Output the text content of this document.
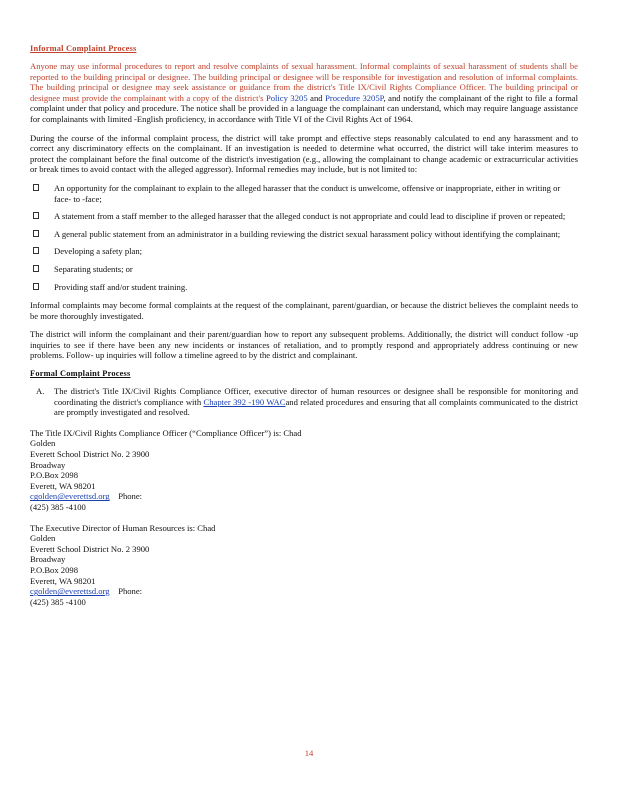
Informal Complaint Process

Anyone may use informal procedures to report and resolve complaints of sexual harassment. Informal complaints of sexual harassment of students shall be reported to the building principal or designee. The building principal or designee will be responsible for investigation and resolution of informal complaints. The building principal or designee may seek assistance or guidance from the district's Title IX/Civil Rights Compliance Officer. The building principal or designee must provide the complainant with a copy of the district's Policy 3205 and Procedure 3205P, and notify the complainant of the right to file a formal complaint under that policy and procedure. The notice shall be provided in a language the complainant can understand, which may require language assistance for complainants with limited -English proficiency, in accordance with Title VI of the Civil Rights Act of 1964.

During the course of the informal complaint process, the district will take prompt and effective steps reasonably calculated to end any harassment and to correct any discriminatory effects on the complainant. If an investigation is needed to determine what occurred, the district will take interim measures to protect the complainant before the final outcome of the district's investigation (e.g., allowing the complainant to change academic or extracurricular activities or break times to avoid contact with the alleged aggressor). Informal remedies may include, but is not limited to:

An opportunity for the complainant to explain to the alleged harasser that the conduct is unwelcome, offensive or inappropriate, either in writing or face- to -face;
A statement from a staff member to the alleged harasser that the alleged conduct is not appropriate and could lead to discipline if proven or repeated;
A general public statement from an administrator in a building reviewing the district sexual harassment policy without identifying the complainant;
Developing a safety plan;
Separating students; or
Providing staff and/or student training.

Informal complaints may become formal complaints at the request of the complainant, parent/guardian, or because the district believes the complaint needs to be more thoroughly investigated.

The district will inform the complainant and their parent/guardian how to report any subsequent problems. Additionally, the district will conduct follow -up inquiries to see if there have been any new incidents or instances of retaliation, and to promptly respond and appropriately address continuing or new problems. Follow- up inquiries will follow a timeline agreed to by the district and complainant.

Formal Complaint Process
A. The district's Title IX/Civil Rights Compliance Officer, executive director of human resources or designee shall be responsible for monitoring and coordinating the district's compliance with Chapter 392 -190 WACand related procedures and ensuring that all complaints communicated to the district are promptly investigated and resolved.
The Title IX/Civil Rights Compliance Officer (“Compliance Officer”) is: Chad
Golden
Everett School District No. 2 3900
Broadway
P.O.Box 2098
Everett, WA 98201
cgolden@everettsd.org Phone:
(425) 385 -4100
The Executive Director of Human Resources is: Chad
Golden
Everett School District No. 2 3900
Broadway
P.O.Box 2098
Everett, WA 98201
cgolden@everettsd.org Phone:
(425) 385 -4100
14
